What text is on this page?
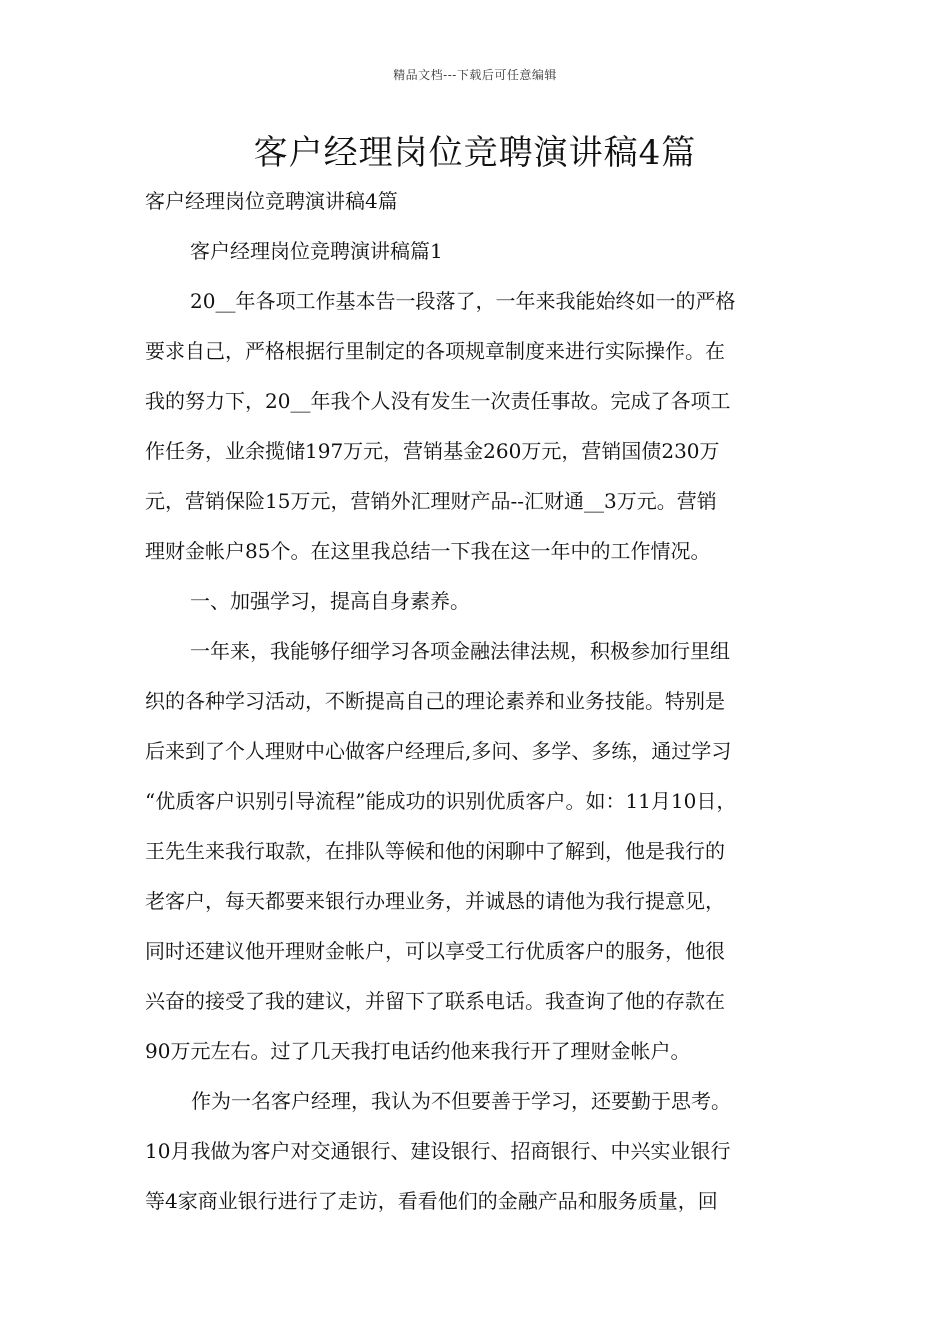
精品文档---下载后可任意编辑
客户经理岗位竞聘演讲稿4篇
客户经理岗位竞聘演讲稿4篇
客户经理岗位竞聘演讲稿篇1
20__年各项工作基本告一段落了，一年来我能始终如一的严格
要求自己，严格根据行里制定的各项规章制度来进行实际操作。在
我的努力下，20__年我个人没有发生一次责任事故。完成了各项工
作任务，业余揽储197万元，营销基金260万元，营销国债230万
元，营销保险15万元，营销外汇理财产品--汇财通__3万元。营销
理财金帐户85个。在这里我总结一下我在这一年中的工作情况。
一、加强学习，提高自身素养。
一年来，我能够仔细学习各项金融法律法规，积极参加行里组
织的各种学习活动，不断提高自己的理论素养和业务技能。特别是
后来到了个人理财中心做客户经理后,多问、多学、多练，通过学习
“优质客户识别引导流程”能成功的识别优质客户。如：11月10日，
王先生来我行取款，在排队等候和他的闲聊中了解到，他是我行的
老客户，每天都要来银行办理业务，并诚恳的请他为我行提意见，
同时还建议他开理财金帐户，可以享受工行优质客户的服务，他很
兴奋的接受了我的建议，并留下了联系电话。我查询了他的存款在
90万元左右。过了几天我打电话约他来我行开了理财金帐户。
作为一名客户经理，我认为不但要善于学习，还要勤于思考。
10月我做为客户对交通银行、建设银行、招商银行、中兴实业银行
等4家商业银行进行了走访，看看他们的金融产品和服务质量，回
